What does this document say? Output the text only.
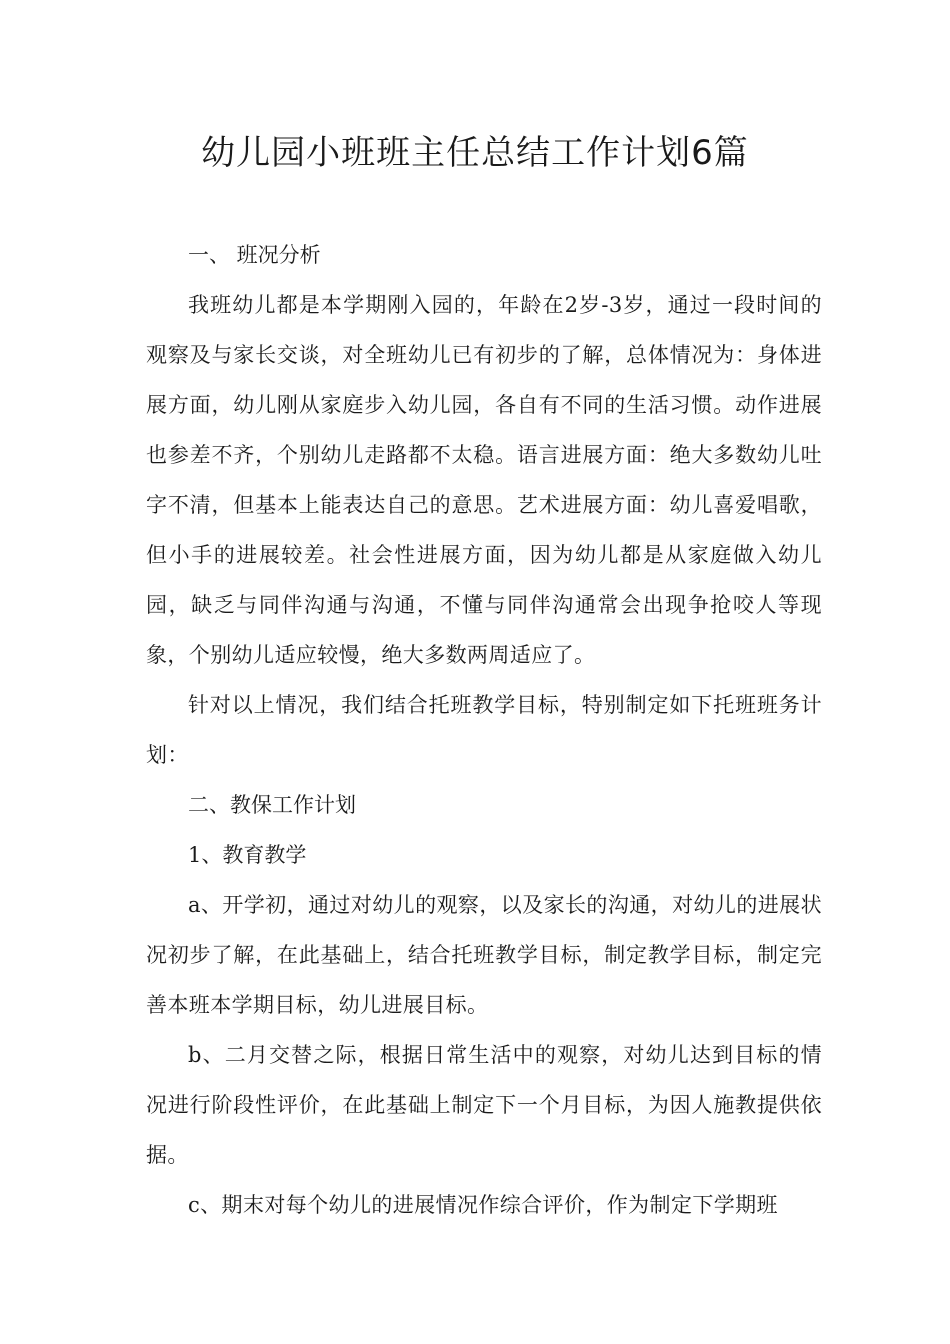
幼儿园小班班主任总结工作计划6篇

一、 班况分析

我班幼儿都是本学期刚入园的，年龄在2岁-3岁，通过一段时间的观察及与家长交谈，对全班幼儿已有初步的了解，总体情况为：身体进展方面，幼儿刚从家庭步入幼儿园，各自有不同的生活习惯。动作进展也参差不齐，个别幼儿走路都不太稳。语言进展方面：绝大多数幼儿吐字不清，但基本上能表达自己的意思。艺术进展方面：幼儿喜爱唱歌，但小手的进展较差。社会性进展方面，因为幼儿都是从家庭做入幼儿园，缺乏与同伴沟通与沟通，不懂与同伴沟通常会出现争抢咬人等现象，个别幼儿适应较慢，绝大多数两周适应了。

针对以上情况，我们结合托班教学目标，特别制定如下托班班务计划：

二、教保工作计划

1、教育教学

a、开学初，通过对幼儿的观察，以及家长的沟通，对幼儿的进展状况初步了解，在此基础上，结合托班教学目标，制定教学目标，制定完善本班本学期目标，幼儿进展目标。

b、二月交替之际，根据日常生活中的观察，对幼儿达到目标的情况进行阶段性评价，在此基础上制定下一个月目标，为因人施教提供依据。

c、期末对每个幼儿的进展情况作综合评价，作为制定下学期班
